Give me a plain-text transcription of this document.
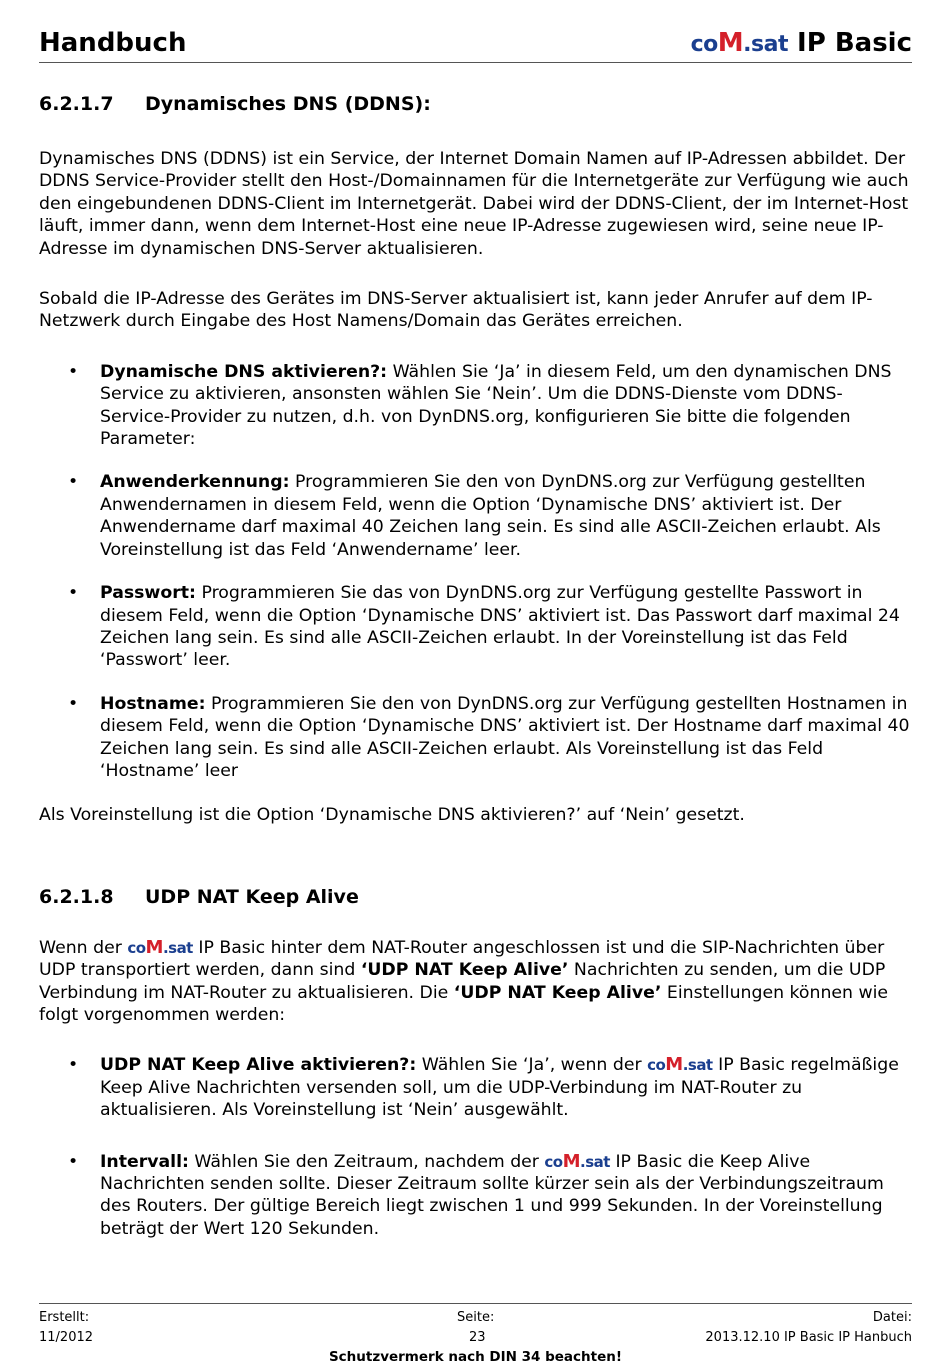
Handbuch	coM.sat IP Basic
6.2.1.7 Dynamisches DNS (DDNS):

Dynamisches DNS (DDNS) ist ein Service, der Internet Domain Namen auf IP-Adressen abbildet. Der DDNS Service-Provider stellt den Host-/Domainnamen für die Internetgeräte zur Verfügung wie auch den eingebundenen DDNS-Client im Internetgerät. Dabei wird der DDNS-Client, der im Internet-Host läuft, immer dann, wenn dem Internet-Host eine neue IP-Adresse zugewiesen wird, seine neue IP-Adresse im dynamischen DNS-Server aktualisieren.

Sobald die IP-Adresse des Gerätes im DNS-Server aktualisiert ist, kann jeder Anrufer auf dem IP-Netzwerk durch Eingabe des Host Namens/Domain das Gerätes erreichen.

• Dynamische DNS aktivieren?: Wählen Sie ‘Ja’ in diesem Feld, um den dynamischen DNS Service zu aktivieren, ansonsten wählen Sie ‘Nein’. Um die DDNS-Dienste vom DDNS-Service-Provider zu nutzen, d.h. von DynDNS.org, konfigurieren Sie bitte die folgenden Parameter:
• Anwenderkennung: Programmieren Sie den von DynDNS.org zur Verfügung gestellten Anwendernamen in diesem Feld, wenn die Option ‘Dynamische DNS’ aktiviert ist. Der Anwendername darf maximal 40 Zeichen lang sein. Es sind alle ASCII-Zeichen erlaubt. Als Voreinstellung ist das Feld ‘Anwendername’ leer.
• Passwort: Programmieren Sie das von DynDNS.org zur Verfügung gestellte Passwort in diesem Feld, wenn die Option ‘Dynamische DNS’ aktiviert ist. Das Passwort darf maximal 24 Zeichen lang sein. Es sind alle ASCII-Zeichen erlaubt. In der Voreinstellung ist das Feld ‘Passwort’ leer.
• Hostname: Programmieren Sie den von DynDNS.org zur Verfügung gestellten Hostnamen in diesem Feld, wenn die Option ‘Dynamische DNS’ aktiviert ist. Der Hostname darf maximal 40 Zeichen lang sein. Es sind alle ASCII-Zeichen erlaubt. Als Voreinstellung ist das Feld ‘Hostname’ leer

Als Voreinstellung ist die Option ‘Dynamische DNS aktivieren?’ auf ‘Nein’ gesetzt.

6.2.1.8 UDP NAT Keep Alive

Wenn der coM.sat IP Basic hinter dem NAT-Router angeschlossen ist und die SIP-Nachrichten über UDP transportiert werden, dann sind ‘UDP NAT Keep Alive’ Nachrichten zu senden, um die UDP Verbindung im NAT-Router zu aktualisieren. Die ‘UDP NAT Keep Alive’ Einstellungen können wie folgt vorgenommen werden:

• UDP NAT Keep Alive aktivieren?: Wählen Sie ‘Ja’, wenn der coM.sat IP Basic regelmäßige Keep Alive Nachrichten versenden soll, um die UDP-Verbindung im NAT-Router zu aktualisieren. Als Voreinstellung ist ‘Nein’ ausgewählt.
• Intervall: Wählen Sie den Zeitraum, nachdem der coM.sat IP Basic die Keep Alive Nachrichten senden sollte. Dieser Zeitraum sollte kürzer sein als der Verbindungszeitraum des Routers. Der gültige Bereich liegt zwischen 1 und 999 Sekunden. In der Voreinstellung beträgt der Wert 120 Sekunden.
Erstellt:
11/2012
Seite:
23
Datei:
2013.12.10 IP Basic IP Hanbuch
Schutzvermerk nach DIN 34 beachten!
